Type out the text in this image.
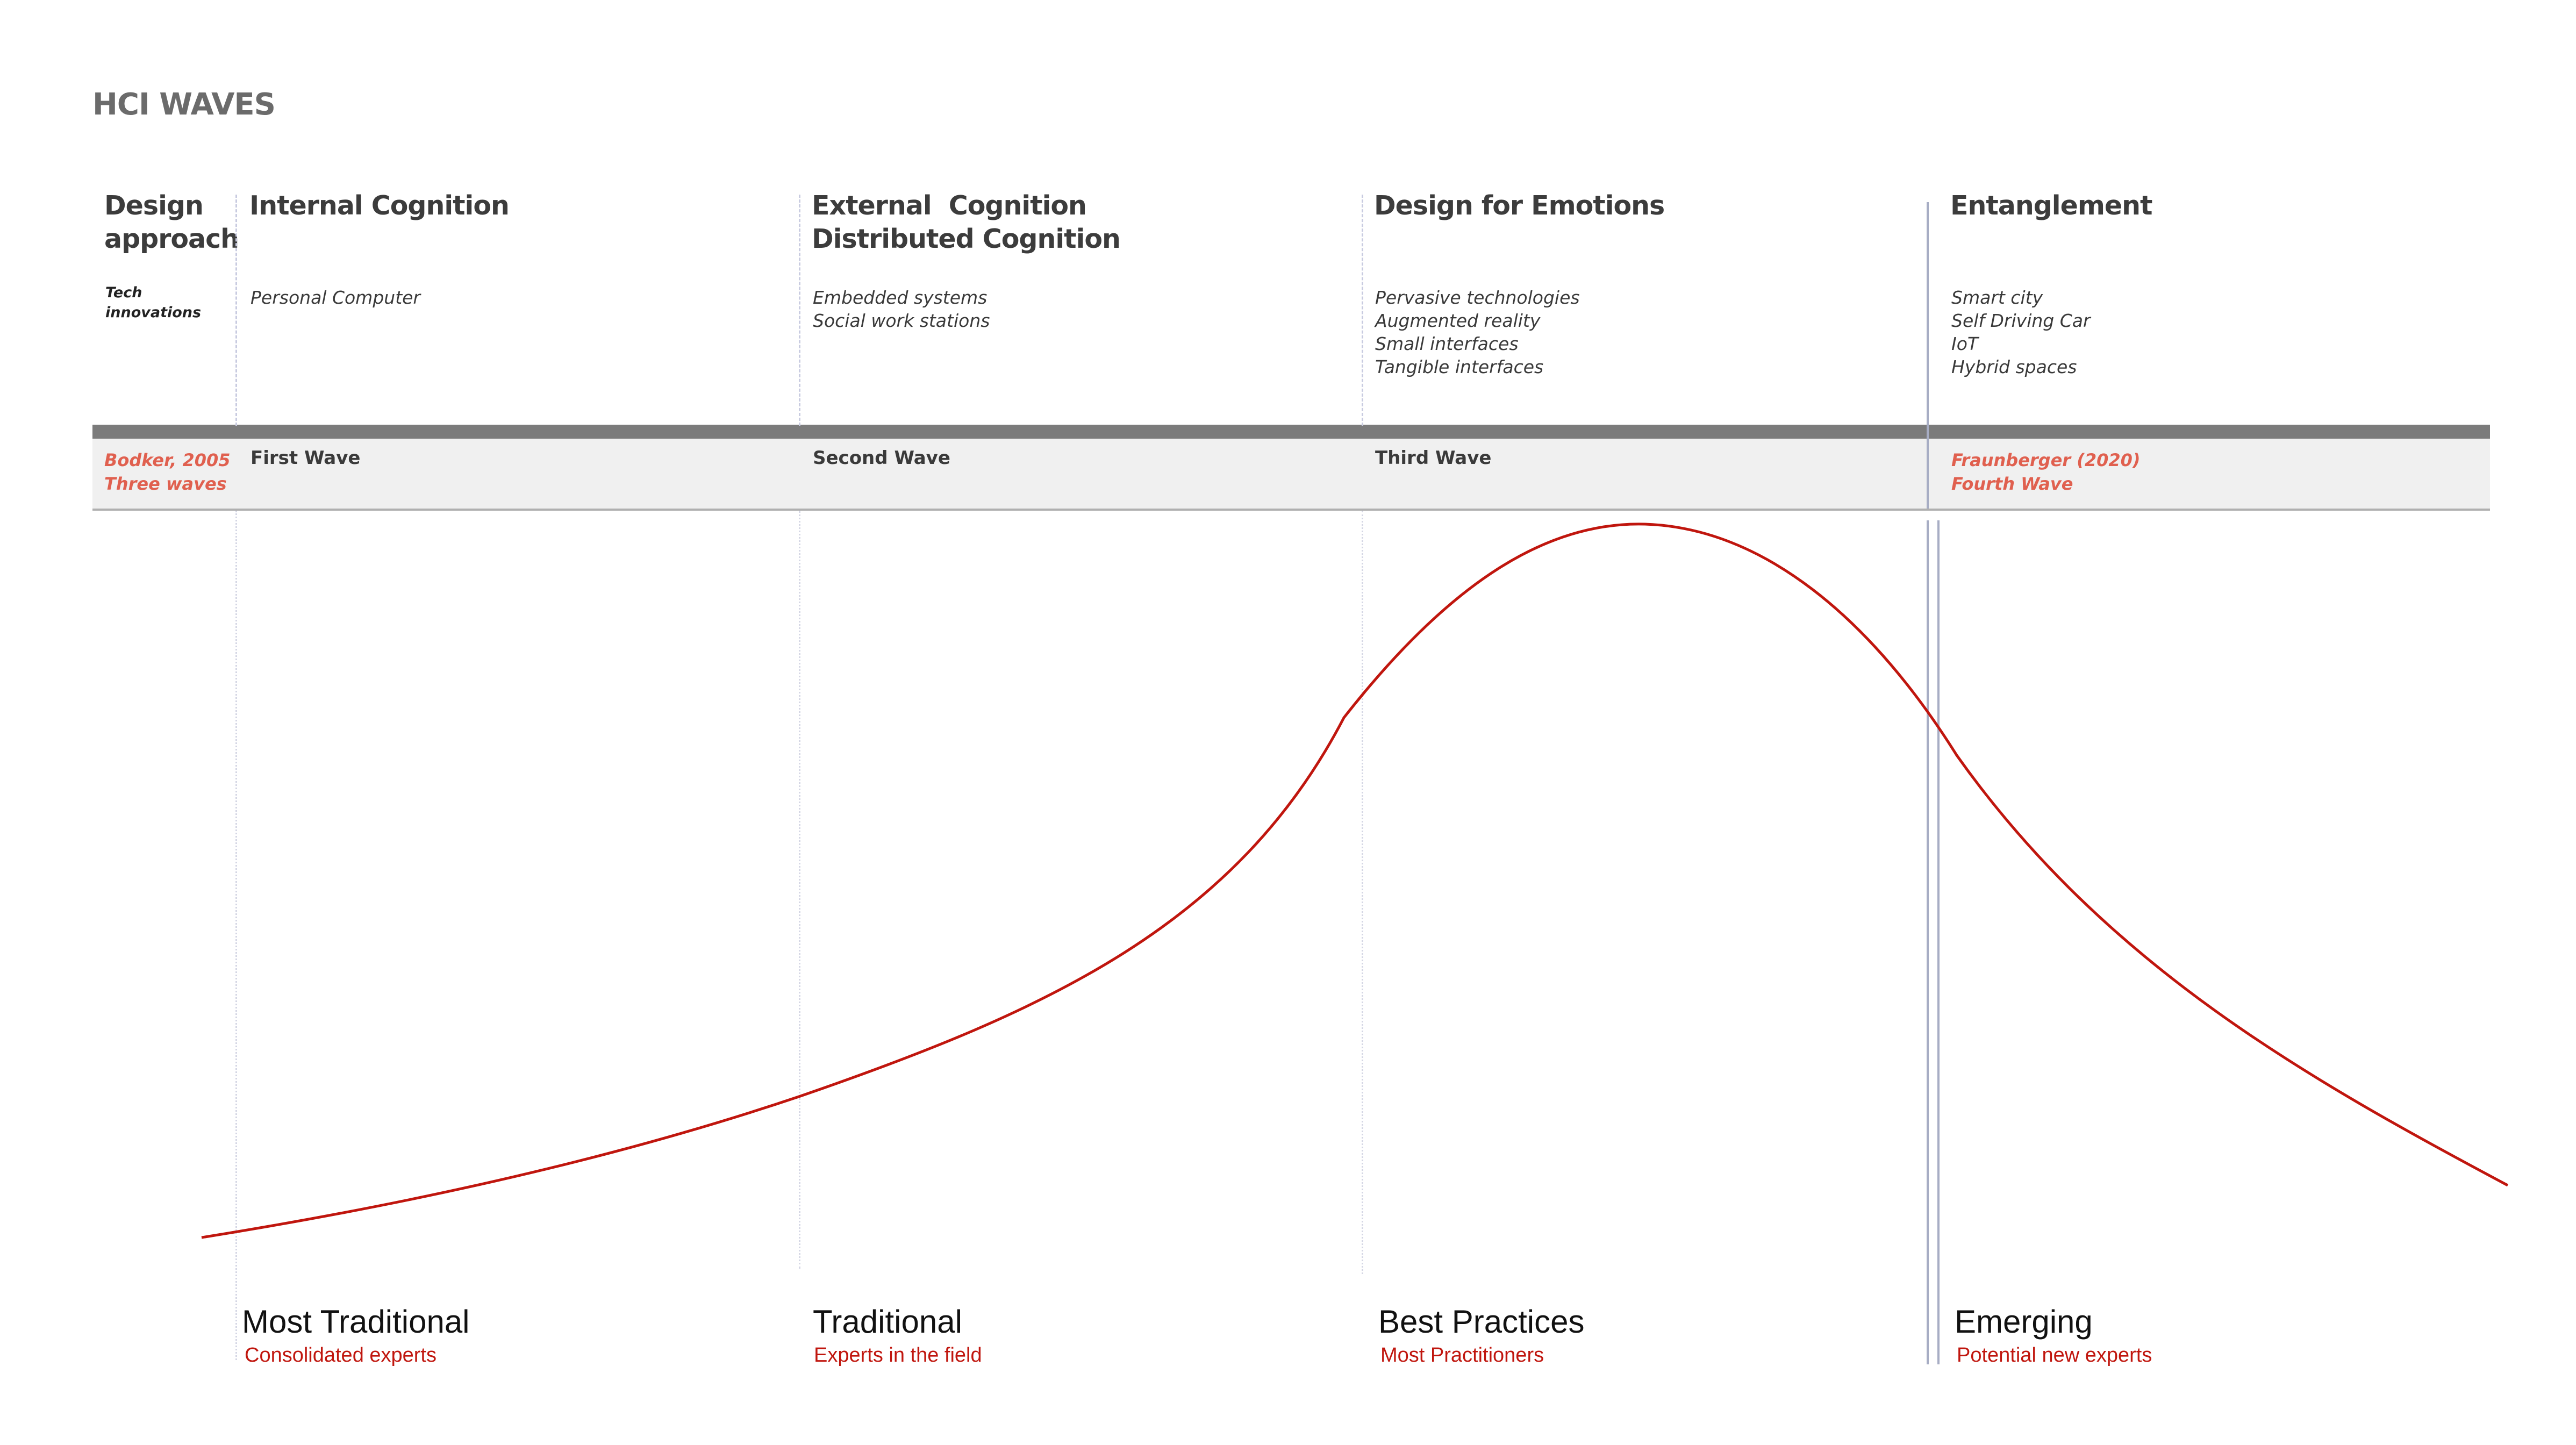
HCI WAVES
Design
approach
Tech
innovations
Internal Cognition
Personal Computer
First Wave
External  Cognition
Distributed Cognition
Embedded systems
Social work stations
Second Wave
Design for Emotions
Pervasive technologies
Augmented reality
Small interfaces
Tangible interfaces
Third Wave
Entanglement
Smart city
Self Driving Car
IoT
Hybrid spaces
Bodker, 2005
Three waves
Fraunberger (2020)
Fourth Wave
Most Traditional
Consolidated experts
Traditional
Experts in the field
Best Practices
Most Practitioners
Emerging
Potential new experts
